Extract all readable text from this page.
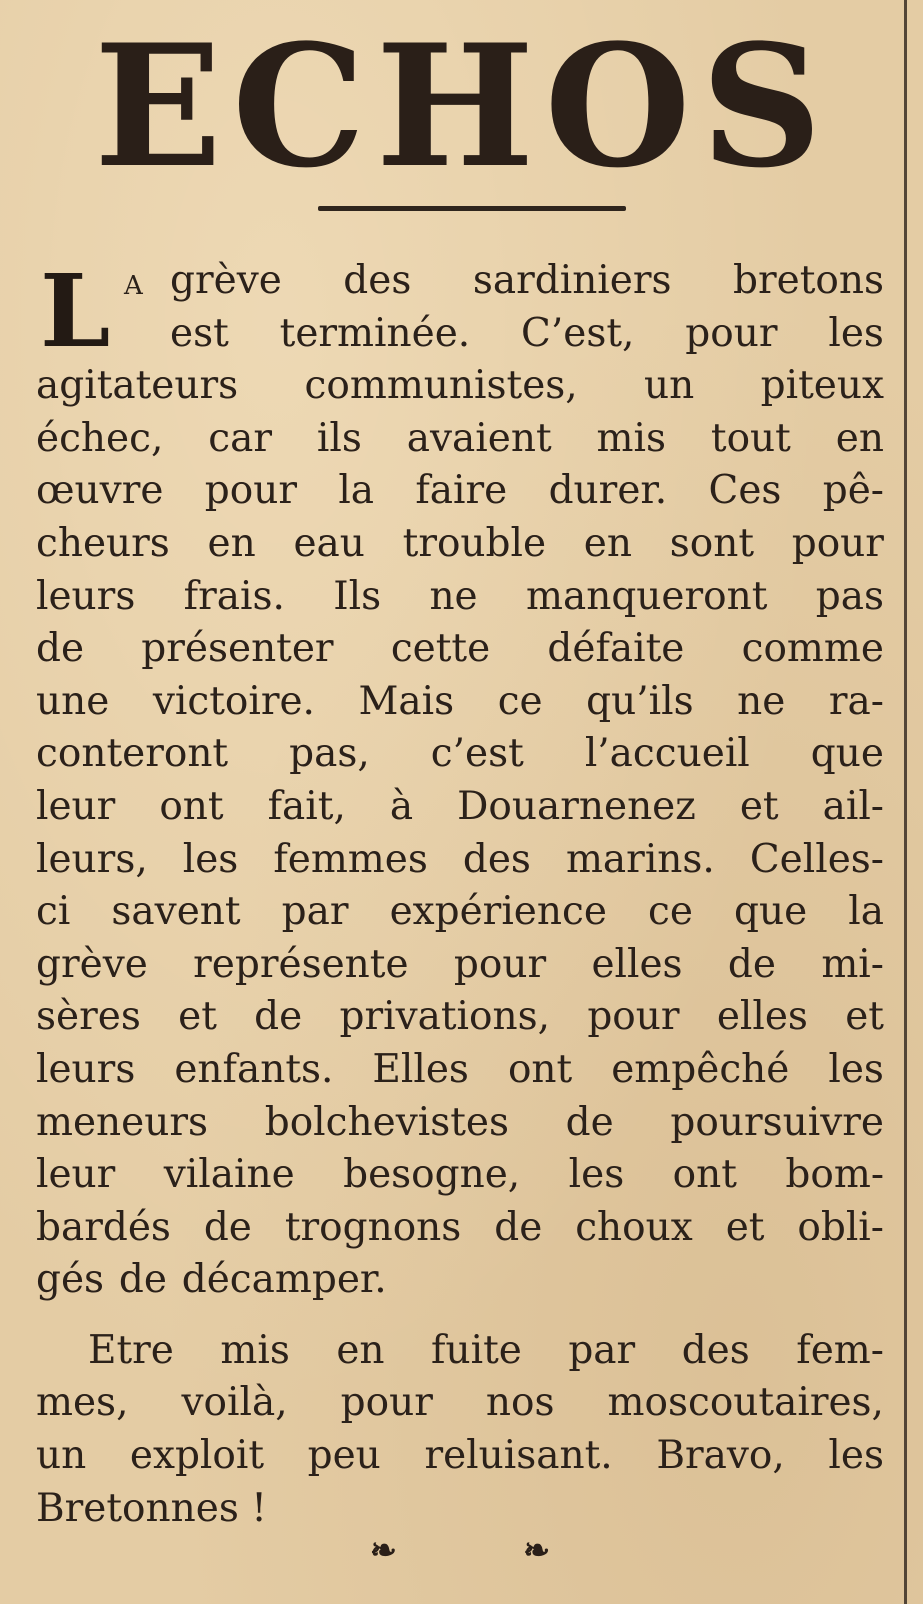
ECHOS
L A grève des sardiniers bretons
est terminée. C’est, pour les
agitateurs communistes, un piteux
échec, car ils avaient mis tout en
œuvre pour la faire durer. Ces pê-
cheurs en eau trouble en sont pour
leurs frais. Ils ne manqueront pas
de présenter cette défaite comme
une victoire. Mais ce qu’ils ne ra-
conteront pas, c’est l’accueil que
leur ont fait, à Douarnenez et ail-
leurs, les femmes des marins. Celles-
ci savent par expérience ce que la
grève représente pour elles de mi-
sères et de privations, pour elles et
leurs enfants. Elles ont empêché les
meneurs bolchevistes de poursuivre
leur vilaine besogne, les ont bom-
bardés de trognons de choux et obli-
gés de décamper.
Etre mis en fuite par des fem-
mes, voilà, pour nos moscoutaires,
un exploit peu reluisant. Bravo, les
Bretonnes !
❧	❧
